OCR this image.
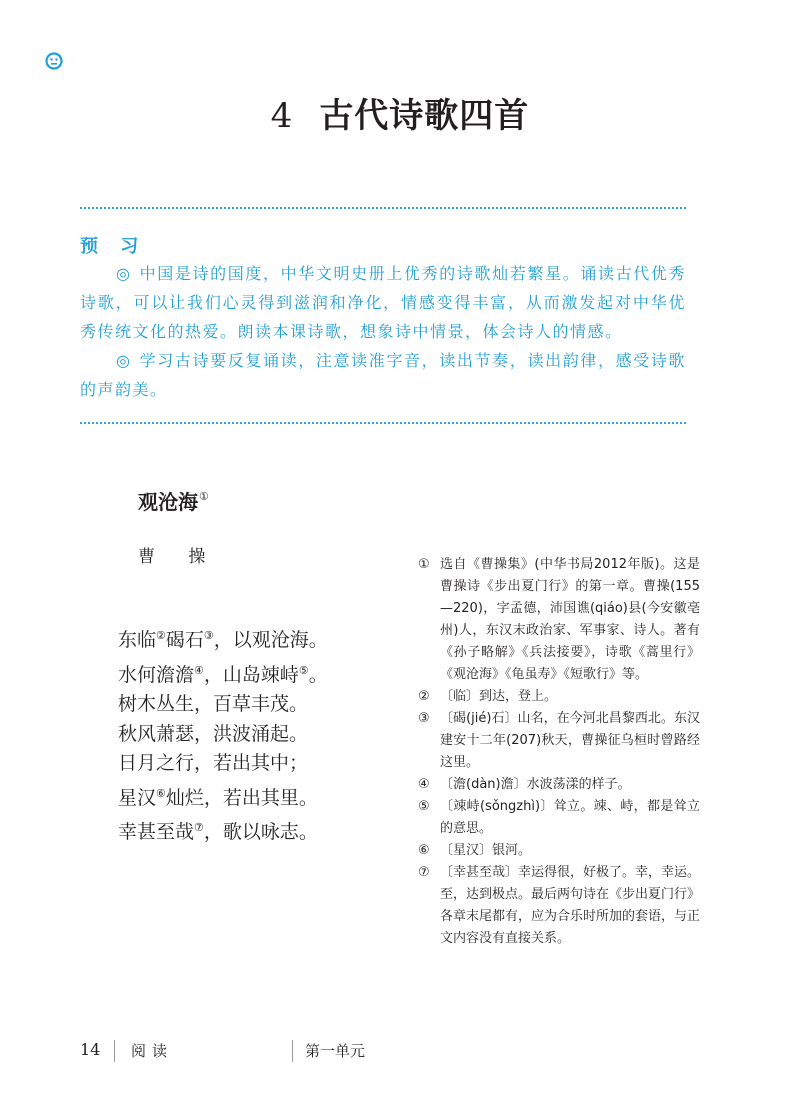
4 古代诗歌四首
预 习
◎ 中国是诗的国度，中华文明史册上优秀的诗歌灿若繁星。诵读古代优秀诗歌，可以让我们心灵得到滋润和净化，情感变得丰富，从而激发起对中华优秀传统文化的热爱。朗读本课诗歌，想象诗中情景，体会诗人的情感。
◎ 学习古诗要反复诵读，注意读准字音，读出节奏，读出韵律，感受诗歌的声韵美。
观沧海①
曹 操
东临②碣石③，以观沧海。
水何澹澹④，山岛竦峙⑤。
树木丛生，百草丰茂。
秋风萧瑟，洪波涌起。
日月之行，若出其中；
星汉⑥灿烂，若出其里。
幸甚至哉⑦，歌以咏志。
① 选自《曹操集》(中华书局2012年版)。这是曹操诗《步出夏门行》的第一章。曹操(155—220)，字孟德，沛国谯(qiáo)县(今安徽亳州)人，东汉末政治家、军事家、诗人。著有《孙子略解》《兵法接要》，诗歌《蒿里行》《观沧海》《龟虽寿》《短歌行》等。
② 〔临〕到达，登上。
③ 〔碣(jié)石〕山名，在今河北昌黎西北。东汉建安十二年(207)秋天，曹操征乌桓时曾路经这里。
④ 〔澹(dàn)澹〕水波荡漾的样子。
⑤ 〔竦峙(sǒngzhì)〕耸立。竦、峙，都是耸立的意思。
⑥ 〔星汉〕银河。
⑦ 〔幸甚至哉〕幸运得很，好极了。幸，幸运。至，达到极点。最后两句诗在《步出夏门行》各章末尾都有，应为合乐时所加的套语，与正文内容没有直接关系。
14 阅读	第一单元
